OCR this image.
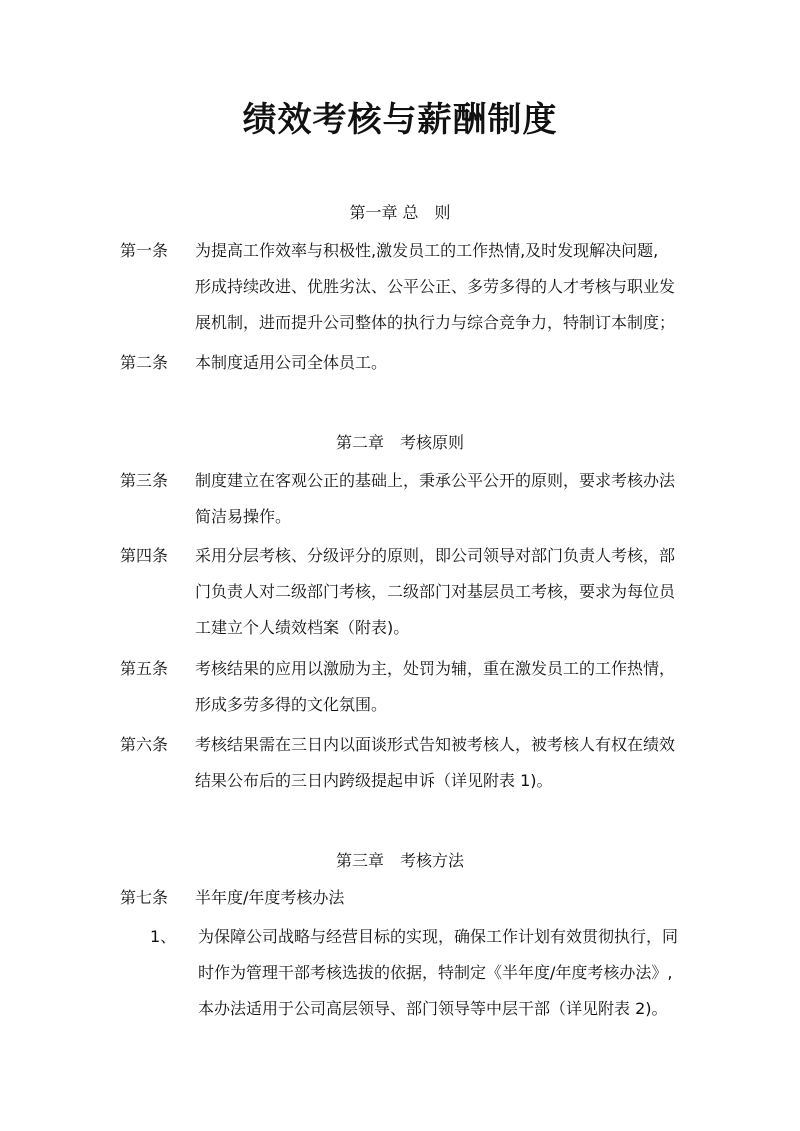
绩效考核与薪酬制度
第一章 总　则
第一条 为提高工作效率与积极性,激发员工的工作热情,及时发现解决问题,
形成持续改进、优胜劣汰、公平公正、多劳多得的人才考核与职业发
展机制，进而提升公司整体的执行力与综合竞争力，特制订本制度；
第二条 本制度适用公司全体员工。
第二章　考核原则
第三条 制度建立在客观公正的基础上，秉承公平公开的原则，要求考核办法
简洁易操作。
第四条 采用分层考核、分级评分的原则，即公司领导对部门负责人考核，部
门负责人对二级部门考核，二级部门对基层员工考核，要求为每位员
工建立个人绩效档案（附表)。
第五条 考核结果的应用以激励为主，处罚为辅，重在激发员工的工作热情，
形成多劳多得的文化氛围。
第六条 考核结果需在三日内以面谈形式告知被考核人，被考核人有权在绩效
结果公布后的三日内跨级提起申诉（详见附表 1)。
第三章　考核方法
第七条 半年度/年度考核办法
1、 为保障公司战略与经营目标的实现，确保工作计划有效贯彻执行，同
时作为管理干部考核选拔的依据，特制定《半年度/年度考核办法》,
本办法适用于公司高层领导、部门领导等中层干部（详见附表 2)。
